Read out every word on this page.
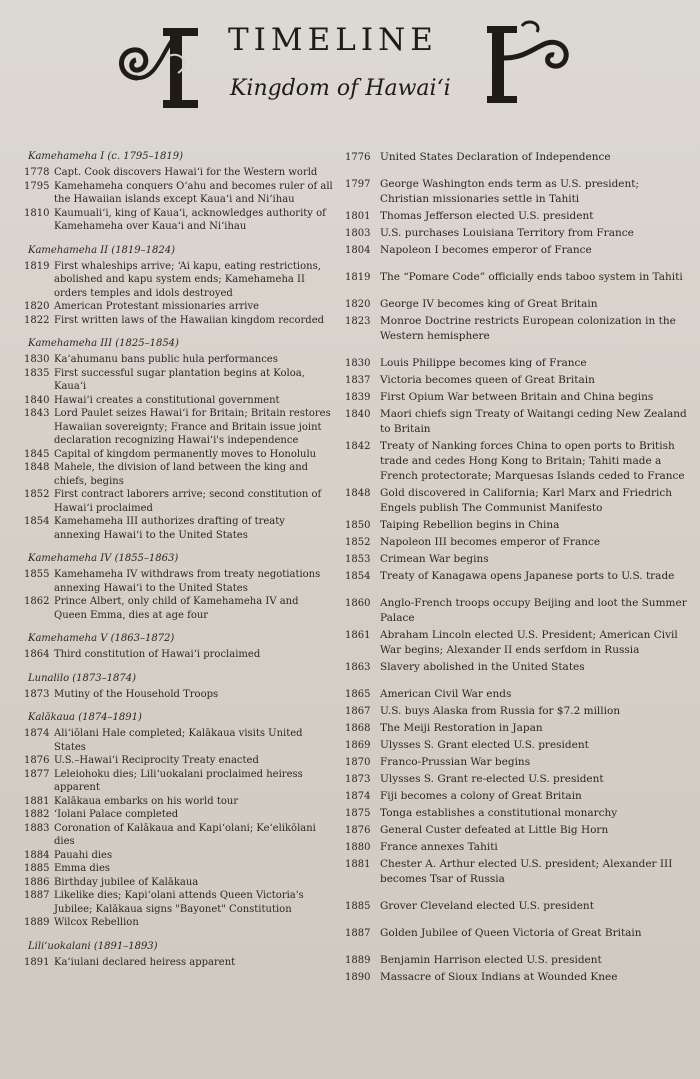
TIMELINE
Kingdom of Hawaiʻi
Kamehameha I (c. 1795–1819)
1778 Capt. Cook discovers Hawaiʻi for the Western world
1795 Kamehameha conquers Oʻahu and becomes ruler of all the Hawaiian islands except Kauaʻi and Niʻihau
1810 Kaumualiʻi, king of Kauaʻi, acknowledges authority of Kamehameha over Kauaʻi and Niʻihau
Kamehameha II (1819–1824)
1819 First whaleships arrive; ʻAi kapu, eating restrictions, abolished and kapu system ends; Kamehameha II orders temples and idols destroyed
1820 American Protestant missionaries arrive
1822 First written laws of the Hawaiian kingdom recorded
Kamehameha III (1825–1854)
1830 Kaʻahumanu bans public hula performances
1835 First successful sugar plantation begins at Koloa, Kauaʻi
1840 Hawaiʻi creates a constitutional government
1843 Lord Paulet seizes Hawaiʻi for Britain; Britain restores Hawaiian sovereignty; France and Britain issue joint declaration recognizing Hawaiʻi's independence
1845 Capital of kingdom permanently moves to Honolulu
1848 Mahele, the division of land between the king and chiefs, begins
1852 First contract laborers arrive; second constitution of Hawaiʻi proclaimed
1854 Kamehameha III authorizes drafting of treaty annexing Hawaiʻi to the United States
Kamehameha IV (1855–1863)
1855 Kamehameha IV withdraws from treaty negotiations annexing Hawaiʻi to the United States
1862 Prince Albert, only child of Kamehameha IV and Queen Emma, dies at age four
Kamehameha V (1863–1872)
1864 Third constitution of Hawaiʻi proclaimed
Lunalilo (1873–1874)
1873 Mutiny of the Household Troops
Kalākaua (1874–1891)
1874 Aliʻiōlani Hale completed; Kalākaua visits United States
1876 U.S.–Hawaiʻi Reciprocity Treaty enacted
1877 Leleiohoku dies; Liliʻuokalani proclaimed heiress apparent
1881 Kalākaua embarks on his world tour
1882 ʻIolani Palace completed
1883 Coronation of Kalākaua and Kapiʻolani; Keʻelikōlani dies
1884 Pauahi dies
1885 Emma dies
1886 Birthday jubilee of Kalākaua
1887 Likelike dies; Kapiʻolani attends Queen Victoria's Jubilee; Kalākaua signs "Bayonet" Constitution
1889 Wilcox Rebellion
Liliʻuokalani (1891–1893)
1891 Kaʻiulani declared heiress apparent
1776 United States Declaration of Independence
1797 George Washington ends term as U.S. president; Christian missionaries settle in Tahiti
1801 Thomas Jefferson elected U.S. president
1803 U.S. purchases Louisiana Territory from France
1804 Napoleon I becomes emperor of France
1819 The “Pomare Code” officially ends taboo system in Tahiti
1820 George IV becomes king of Great Britain
1823 Monroe Doctrine restricts European colonization in the Western hemisphere
1830 Louis Philippe becomes king of France
1837 Victoria becomes queen of Great Britain
1839 First Opium War between Britain and China begins
1840 Maori chiefs sign Treaty of Waitangi ceding New Zealand to Britain
1842 Treaty of Nanking forces China to open ports to British trade and cedes Hong Kong to Britain; Tahiti made a French protectorate; Marquesas Islands ceded to France
1848 Gold discovered in California; Karl Marx and Friedrich Engels publish The Communist Manifesto
1850 Taiping Rebellion begins in China
1852 Napoleon III becomes emperor of France
1853 Crimean War begins
1854 Treaty of Kanagawa opens Japanese ports to U.S. trade
1860 Anglo-French troops occupy Beijing and loot the Summer Palace
1861 Abraham Lincoln elected U.S. President; American Civil War begins; Alexander II ends serfdom in Russia
1863 Slavery abolished in the United States
1865 American Civil War ends
1867 U.S. buys Alaska from Russia for $7.2 million
1868 The Meiji Restoration in Japan
1869 Ulysses S. Grant elected U.S. president
1870 Franco-Prussian War begins
1873 Ulysses S. Grant re-elected U.S. president
1874 Fiji becomes a colony of Great Britain
1875 Tonga establishes a constitutional monarchy
1876 General Custer defeated at Little Big Horn
1880 France annexes Tahiti
1881 Chester A. Arthur elected U.S. president; Alexander III becomes Tsar of Russia
1885 Grover Cleveland elected U.S. president
1887 Golden Jubilee of Queen Victoria of Great Britain
1889 Benjamin Harrison elected U.S. president
1890 Massacre of Sioux Indians at Wounded Knee
